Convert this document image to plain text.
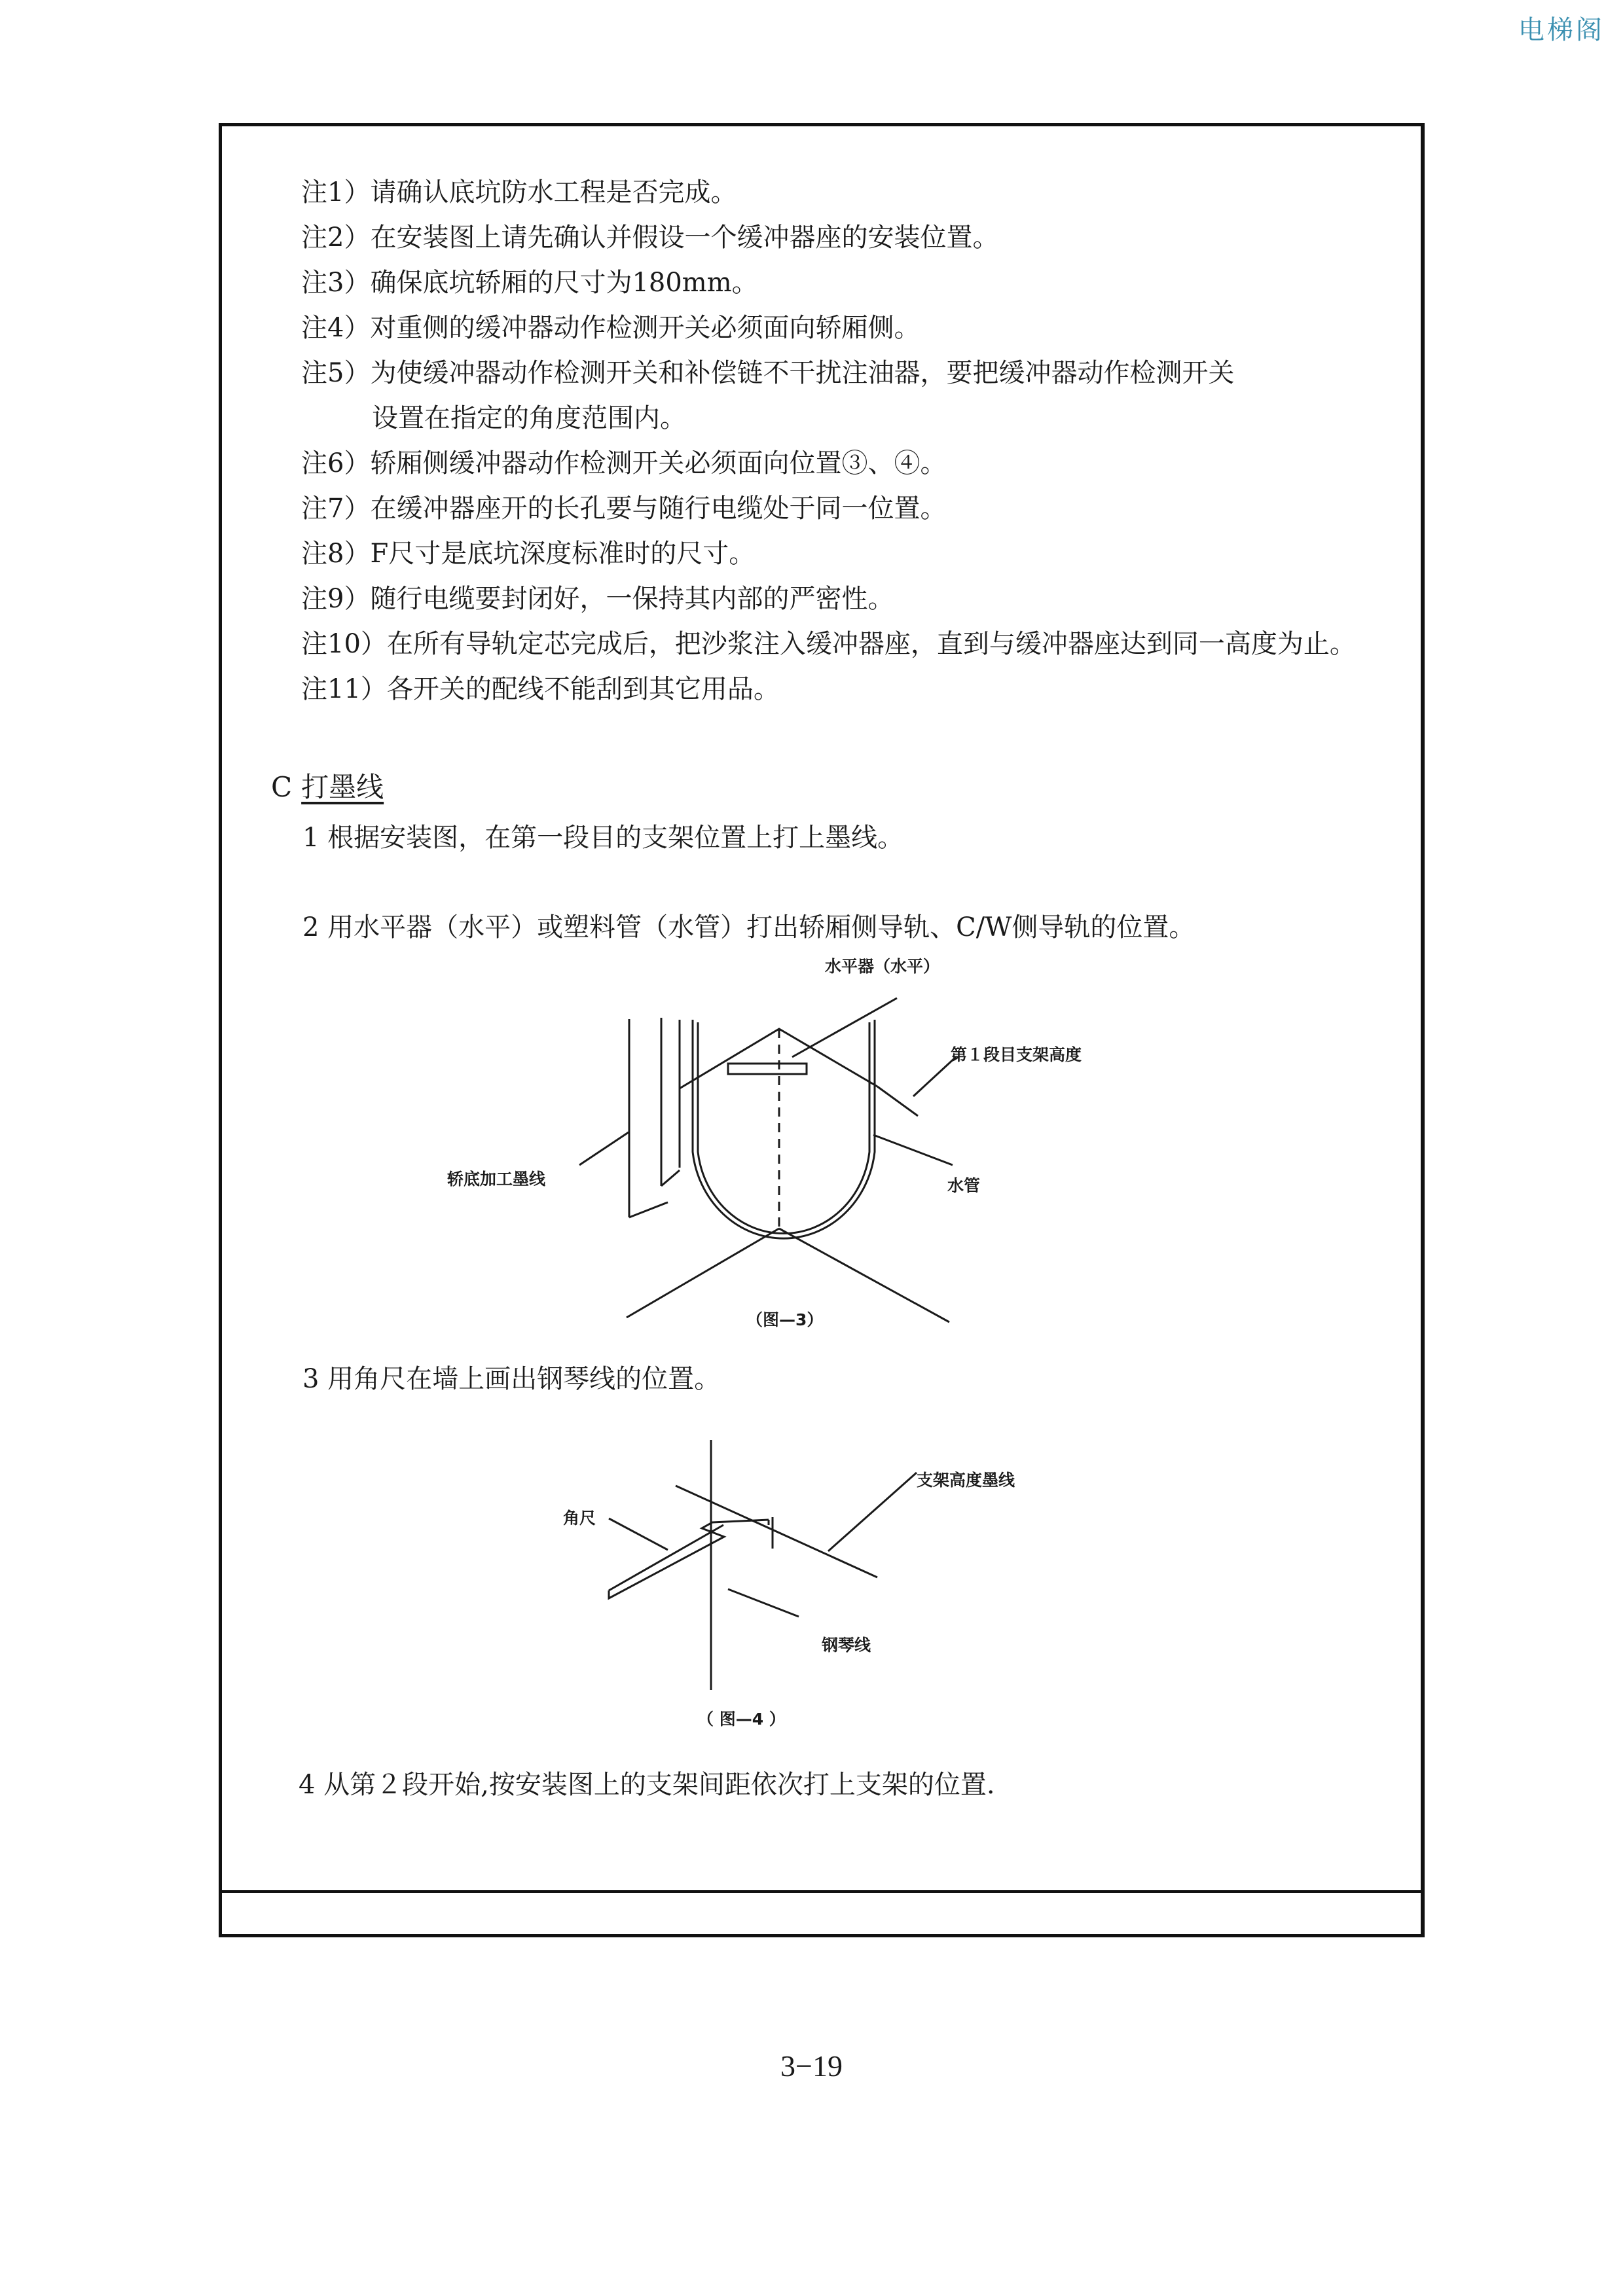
电梯阁
注1）请确认底坑防水工程是否完成。
注2）在安装图上请先确认并假设一个缓冲器座的安装位置。
注3）确保底坑轿厢的尺寸为180mm。
注4）对重侧的缓冲器动作检测开关必须面向轿厢侧。
注5）为使缓冲器动作检测开关和补偿链不干扰注油器，要把缓冲器动作检测开关
设置在指定的角度范围内。
注6）轿厢侧缓冲器动作检测开关必须面向位置③、④。
注7）在缓冲器座开的长孔要与随行电缆处于同一位置。
注8）F尺寸是底坑深度标准时的尺寸。
注9）随行电缆要封闭好，一保持其内部的严密性。
注10）在所有导轨定芯完成后，把沙浆注入缓冲器座，直到与缓冲器座达到同一高度为止。
注11）各开关的配线不能刮到其它用品。
C 打墨线
1 根据安装图，在第一段目的支架位置上打上墨线。
2 用水平器（水平）或塑料管（水管）打出轿厢侧导轨、C/W侧导轨的位置。
水平器（水平）
第１段目支架高度
轿底加工墨线	水管
（图—3）
3 用角尺在墙上画出钢琴线的位置。
支架高度墨线
角尺
钢琴线
（ 图—4 ）
4 从第２段开始,按安装图上的支架间距依次打上支架的位置.
3−19
